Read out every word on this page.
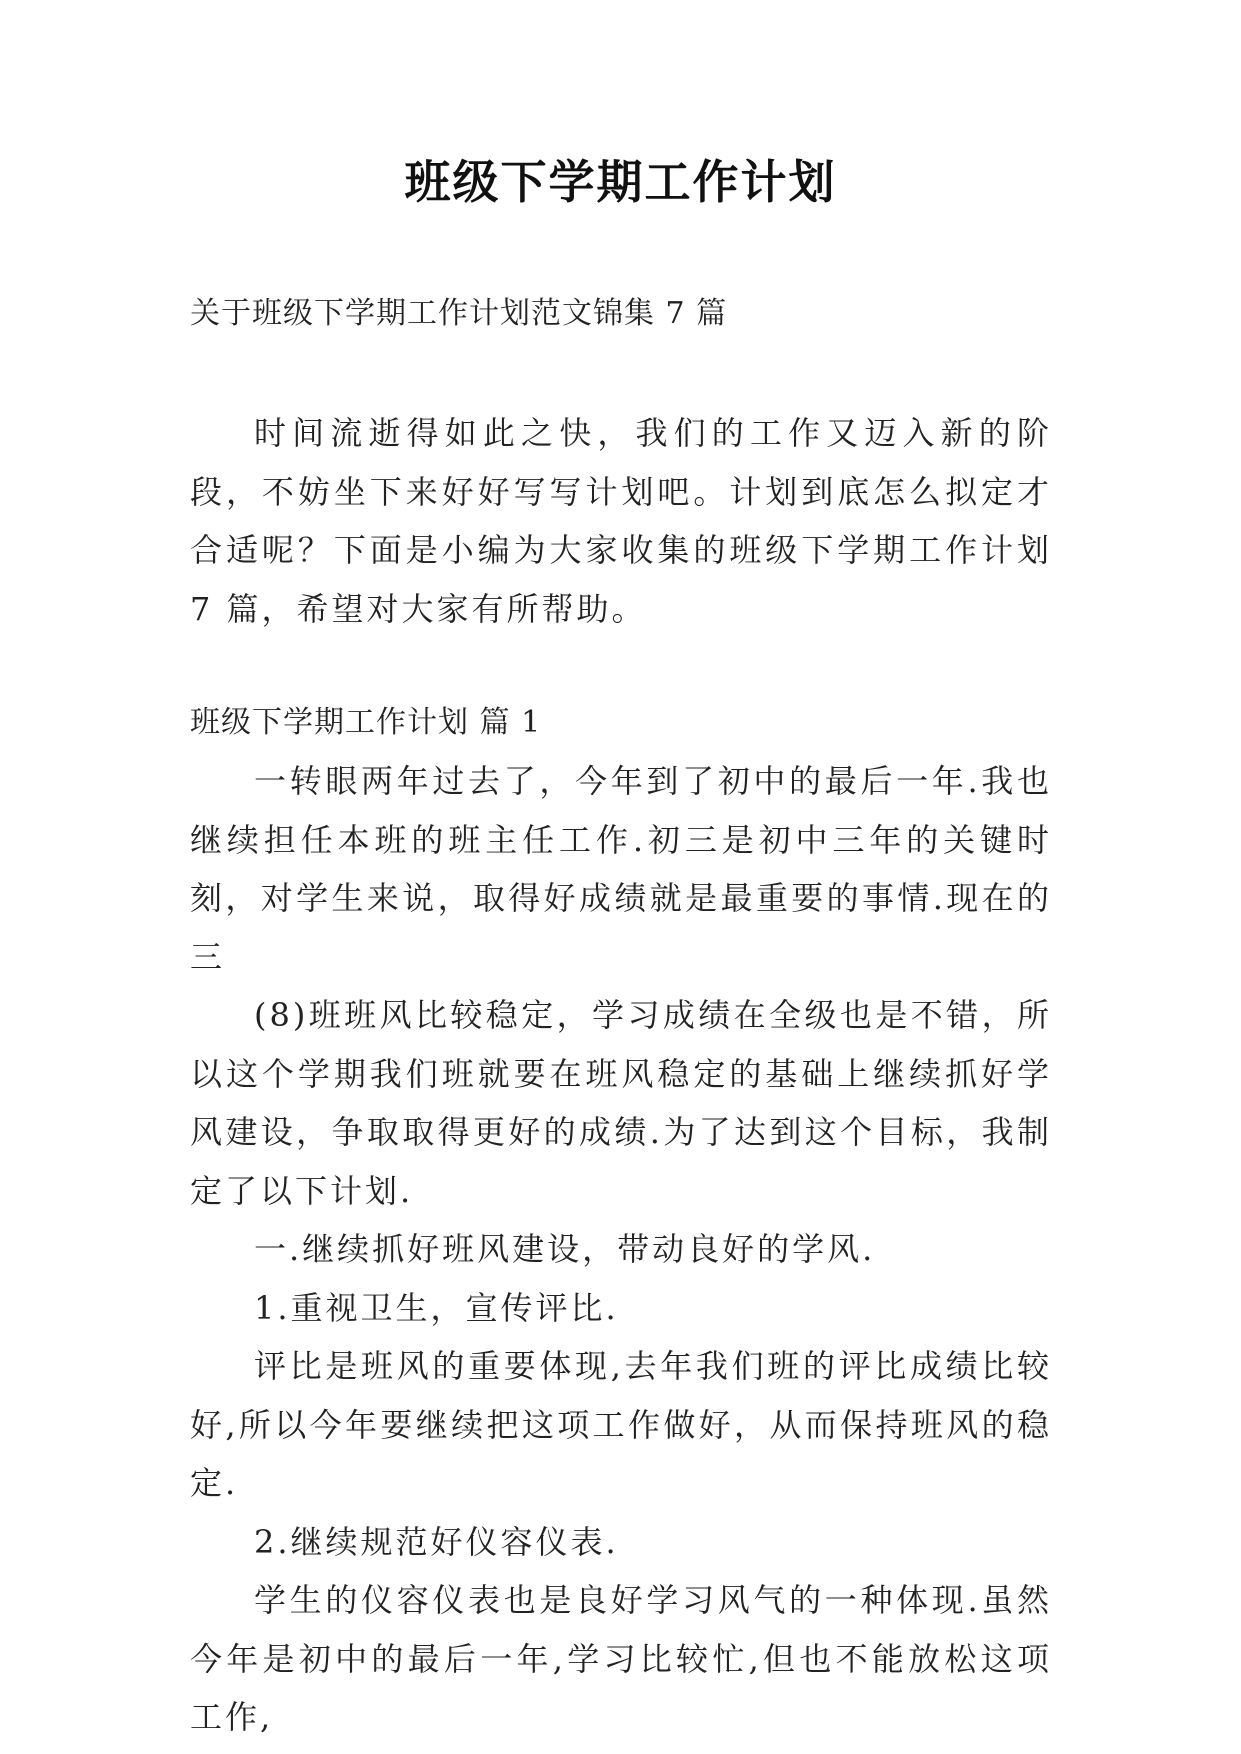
班级下学期工作计划
关于班级下学期工作计划范文锦集 7 篇

时间流逝得如此之快，我们的工作又迈入新的阶段，不妨坐下来好好写写计划吧。计划到底怎么拟定才合适呢？下面是小编为大家收集的班级下学期工作计划 7 篇，希望对大家有所帮助。

班级下学期工作计划 篇 1

一转眼两年过去了，今年到了初中的最后一年.我也继续担任本班的班主任工作.初三是初中三年的关键时刻，对学生来说，取得好成绩就是最重要的事情.现在的三

(8)班班风比较稳定，学习成绩在全级也是不错，所以这个学期我们班就要在班风稳定的基础上继续抓好学风建设，争取取得更好的成绩.为了达到这个目标，我制定了以下计划.

一.继续抓好班风建设，带动良好的学风.

1.重视卫生，宣传评比.

评比是班风的重要体现,去年我们班的评比成绩比较好,所以今年要继续把这项工作做好，从而保持班风的稳定.

2.继续规范好仪容仪表.

学生的仪容仪表也是良好学习风气的一种体现.虽然今年是初中的最后一年,学习比较忙,但也不能放松这项工作,
